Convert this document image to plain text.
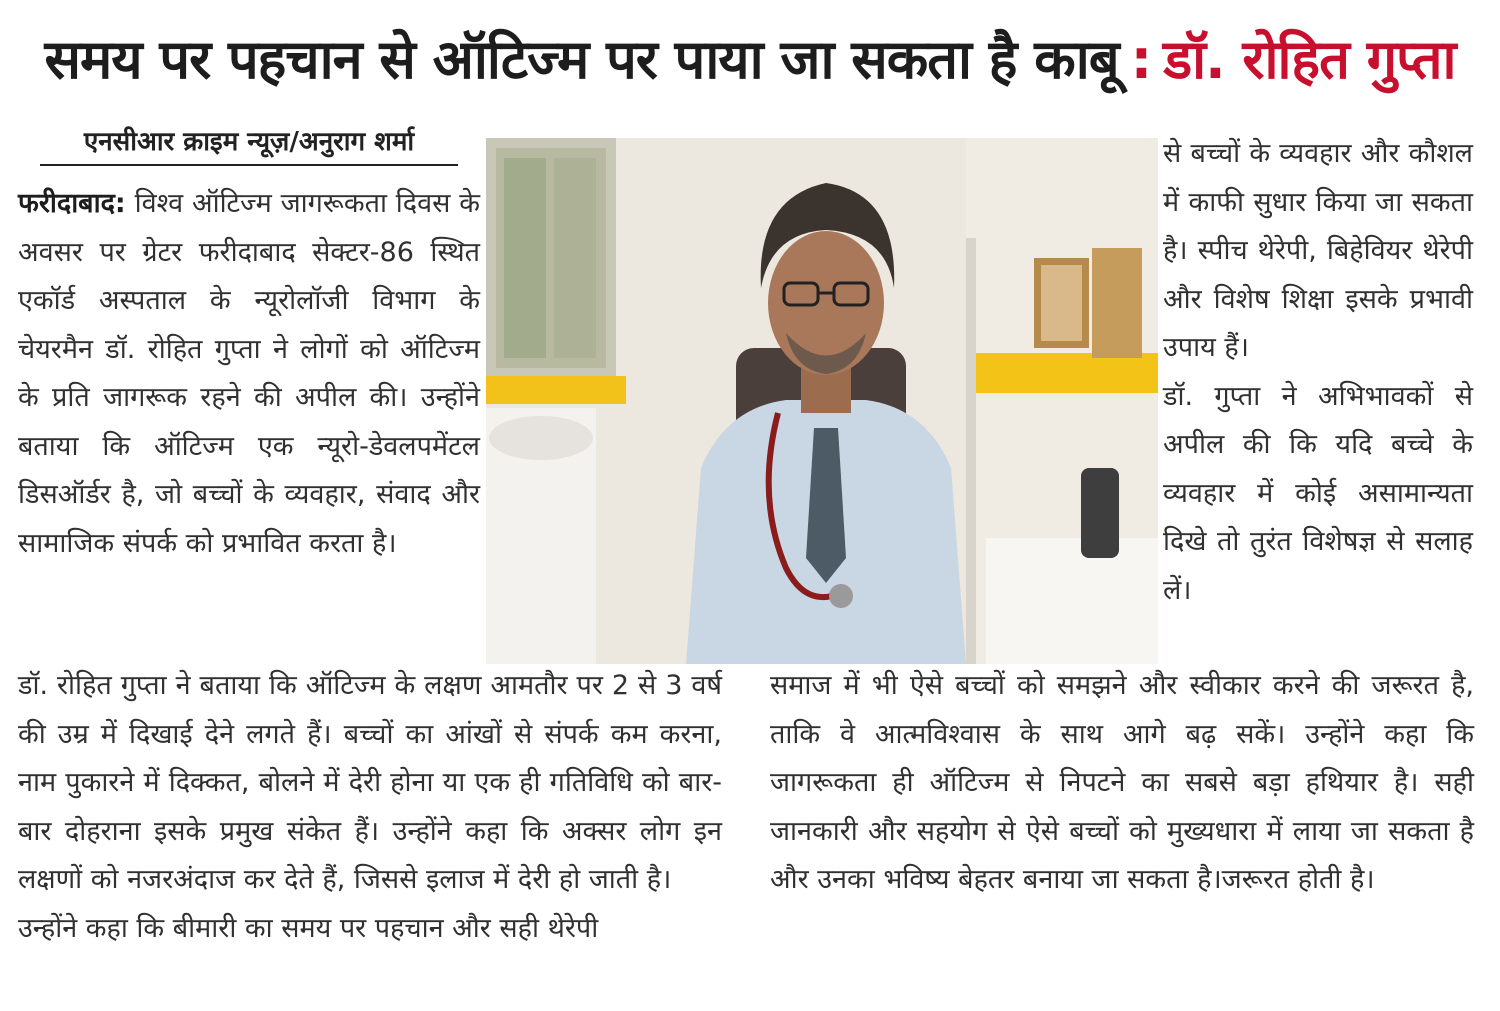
समय पर पहचान से ऑटिज्म पर पाया जा सकता है काबू : डॉ. रोहित गुप्ता
एनसीआर क्राइम न्यूज़/अनुराग शर्मा

फरीदाबाद: विश्व ऑटिज्म जागरूकता दिवस के अवसर पर ग्रेटर फरीदाबाद सेक्टर-86 स्थित एकॉर्ड अस्पताल के न्यूरोलॉजी विभाग के चेयरमैन डॉ. रोहित गुप्ता ने लोगों को ऑटिज्म के प्रति जागरूक रहने की अपील की। उन्होंने बताया कि ऑटिज्म एक न्यूरो-डेवलपमेंटल डिसऑर्डर है, जो बच्चों के व्यवहार, संवाद और सामाजिक संपर्क को प्रभावित करता है।

से बच्चों के व्यवहार और कौशल में काफी सुधार किया जा सकता है। स्पीच थेरेपी, बिहेवियर थेरेपी और विशेष शिक्षा इसके प्रभावी उपाय हैं।

डॉ. गुप्ता ने अभिभावकों से अपील की कि यदि बच्चे के व्यवहार में कोई असामान्यता दिखे तो तुरंत विशेषज्ञ से सलाह लें।

डॉ. रोहित गुप्ता ने बताया कि ऑटिज्म के लक्षण आमतौर पर 2 से 3 वर्ष की उम्र में दिखाई देने लगते हैं। बच्चों का आंखों से संपर्क कम करना, नाम पुकारने में दिक्कत, बोलने में देरी होना या एक ही गतिविधि को बार-बार दोहराना इसके प्रमुख संकेत हैं। उन्होंने कहा कि अक्सर लोग इन लक्षणों को नजरअंदाज कर देते हैं, जिससे इलाज में देरी हो जाती है।

उन्होंने कहा कि बीमारी का समय पर पहचान और सही थेरेपी

समाज में भी ऐसे बच्चों को समझने और स्वीकार करने की जरूरत है, ताकि वे आत्मविश्वास के साथ आगे बढ़ सकें। उन्होंने कहा कि जागरूकता ही ऑटिज्म से निपटने का सबसे बड़ा हथियार है। सही जानकारी और सहयोग से ऐसे बच्चों को मुख्यधारा में लाया जा सकता है और उनका भविष्य बेहतर बनाया जा सकता है।जरूरत होती है।
